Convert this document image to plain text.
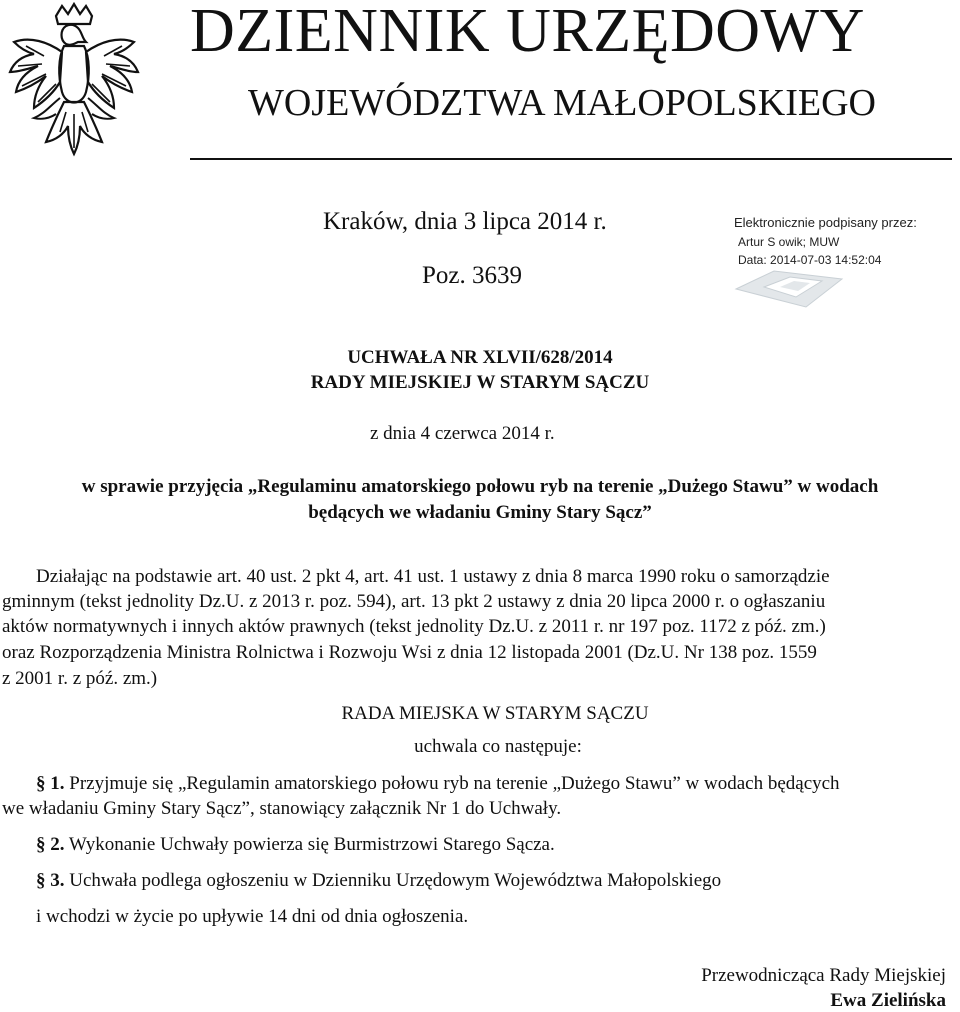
DZIENNIK URZĘDOWY
WOJEWÓDZTWA MAŁOPOLSKIEGO
Kraków, dnia 3 lipca 2014 r.
Poz. 3639
Elektronicznie podpisany przez:
Artur S owik; MUW
Data: 2014-07-03 14:52:04
UCHWAŁA NR XLVII/628/2014
RADY MIEJSKIEJ W STARYM SĄCZU
z dnia 4 czerwca 2014 r.
w sprawie przyjęcia „Regulaminu amatorskiego połowu ryb na terenie „Dużego Stawu” w wodach
będących we władaniu Gminy Stary Sącz”
Działając na podstawie art. 40 ust. 2 pkt 4, art. 41 ust. 1 ustawy z dnia 8 marca 1990 roku o samorządzie
gminnym (tekst jednolity Dz.U. z 2013 r. poz. 594), art. 13 pkt 2 ustawy z dnia 20 lipca 2000 r. o ogłaszaniu
aktów normatywnych i innych aktów prawnych (tekst jednolity Dz.U. z 2011 r. nr 197 poz. 1172 z póź. zm.)
oraz Rozporządzenia Ministra Rolnictwa i Rozwoju Wsi z dnia 12 listopada 2001 (Dz.U. Nr 138 poz. 1559
z 2001 r. z póź. zm.)
RADA MIEJSKA W STARYM SĄCZU
uchwala co następuje:
§ 1. Przyjmuje się „Regulamin amatorskiego połowu ryb na terenie „Dużego Stawu” w wodach będących
we władaniu Gminy Stary Sącz”, stanowiący załącznik Nr 1 do Uchwały.
§ 2. Wykonanie Uchwały powierza się Burmistrzowi Starego Sącza.
§ 3. Uchwała podlega ogłoszeniu w Dzienniku Urzędowym Województwa Małopolskiego
i wchodzi w życie po upływie 14 dni od dnia ogłoszenia.
Przewodnicząca Rady Miejskiej
Ewa Zielińska
